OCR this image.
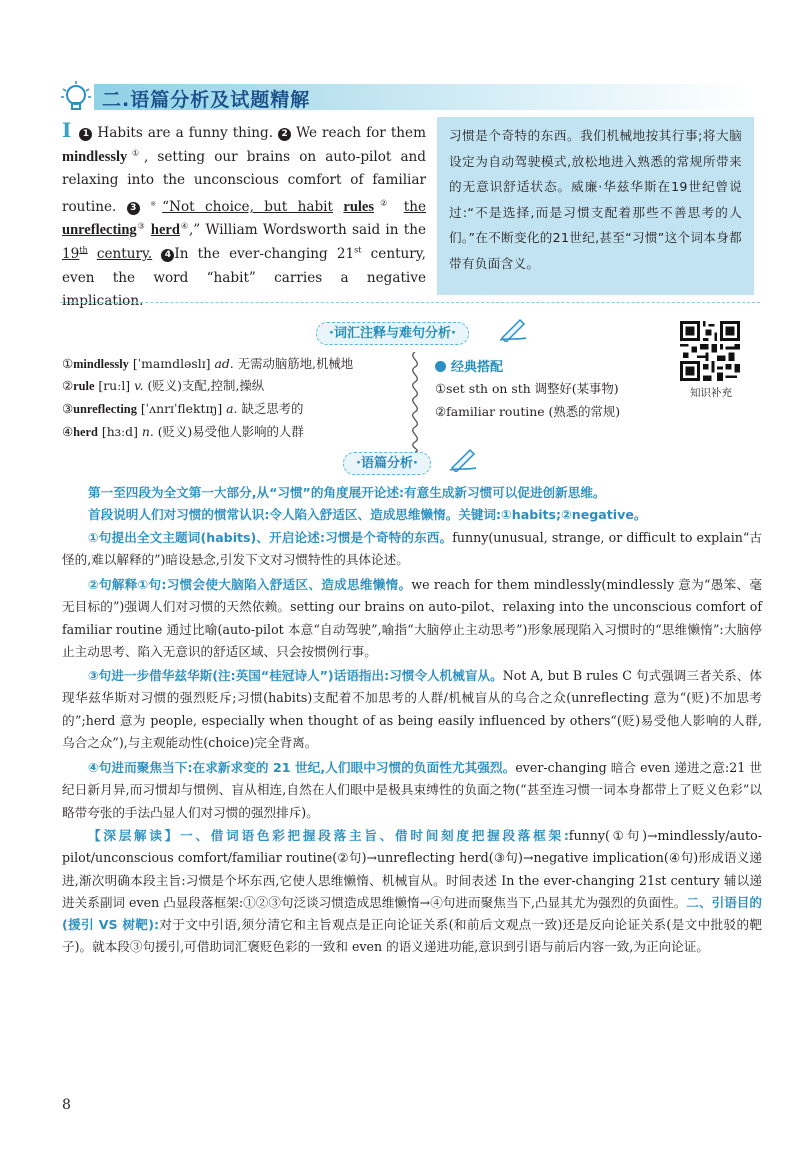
二.语篇分析及试题精解
I 1 Habits are a funny thing. 2 We reach for them mindlessly①, setting our brains on auto-pilot and relaxing into the unconscious comfort of familiar routine. 3 ※“Not choice, but habit rules② the unreflecting③ herd④,” William Wordsworth said in the 19th century. 4 In the ever-changing 21st century, even the word “habit” carries a negative implication.
习惯是个奇特的东西。我们机械地按其行事;将大脑设定为自动驾驶模式,放松地进入熟悉的常规所带来的无意识舒适状态。威廉·华兹华斯在19世纪曾说过:“不是选择,而是习惯支配着那些不善思考的人们。”在不断变化的21世纪,甚至“习惯”这个词本身都带有负面含义。
·词汇注释与难句分析·
①mindlessly [ˈmaɪndləslɪ] ad. 无需动脑筋地,机械地
②rule [ruːl] v. (贬义)支配,控制,操纵
③unreflecting [ˈʌnrɪˈflektɪŋ] a. 缺乏思考的
④herd [hɜːd] n. (贬义)易受他人影响的人群
经典搭配
①set sth on sth 调整好(某事物)
②familiar routine (熟悉的常规)
知识补充
·语篇分析·
第一至四段为全文第一大部分,从“习惯”的角度展开论述:有意生成新习惯可以促进创新思维。
首段说明人们对习惯的惯常认识:令人陷入舒适区、造成思维懒惰。关键词:①habits;②negative。
①句提出全文主题词(habits)、开启论述:习惯是个奇特的东西。funny(unusual, strange, or difficult to explain“古怪的,难以解释的”)暗设悬念,引发下文对习惯特性的具体论述。
②句解释①句:习惯会使大脑陷入舒适区、造成思维懒惰。we reach for them mindlessly(mindlessly 意为“愚笨、毫无目标的”)强调人们对习惯的天然依赖。setting our brains on auto-pilot、relaxing into the unconscious comfort of familiar routine 通过比喻(auto-pilot 本意“自动驾驶”,喻指“大脑停止主动思考”)形象展现陷入习惯时的“思维懒惰”:大脑停止主动思考、陷入无意识的舒适区域、只会按惯例行事。
③句进一步借华兹华斯(注:英国“桂冠诗人”)话语指出:习惯令人机械盲从。Not A, but B rules C 句式强调三者关系、体现华兹华斯对习惯的强烈贬斥;习惯(habits)支配着不加思考的人群/机械盲从的乌合之众(unreflecting 意为“(贬)不加思考的”;herd 意为 people, especially when thought of as being easily influenced by others“(贬)易受他人影响的人群,乌合之众”),与主观能动性(choice)完全背离。
④句进而聚焦当下:在求新求变的 21 世纪,人们眼中习惯的负面性尤其强烈。ever-changing 暗合 even 递进之意:21 世纪日新月异,而习惯却与惯例、盲从相连,自然在人们眼中是极具束缚性的负面之物(“甚至连习惯一词本身都带上了贬义色彩”以略带夸张的手法凸显人们对习惯的强烈排斥)。
【深层解读】一、借词语色彩把握段落主旨、借时间刻度把握段落框架:funny(①句)→mindlessly/auto-pilot/unconscious comfort/familiar routine(②句)→unreflecting herd(③句)→negative implication(④句)形成语义递进,渐次明确本段主旨:习惯是个坏东西,它使人思维懒惰、机械盲从。时间表述 In the ever-changing 21st century 辅以递进关系副词 even 凸显段落框架:①②③句泛谈习惯造成思维懒惰→④句进而聚焦当下,凸显其尤为强烈的负面性。二、引语目的(援引 VS 树靶):对于文中引语,须分清它和主旨观点是正向论证关系(和前后文观点一致)还是反向论证关系(是文中批驳的靶子)。就本段③句援引,可借助词汇褒贬色彩的一致和 even 的语义递进功能,意识到引语与前后内容一致,为正向论证。
8
